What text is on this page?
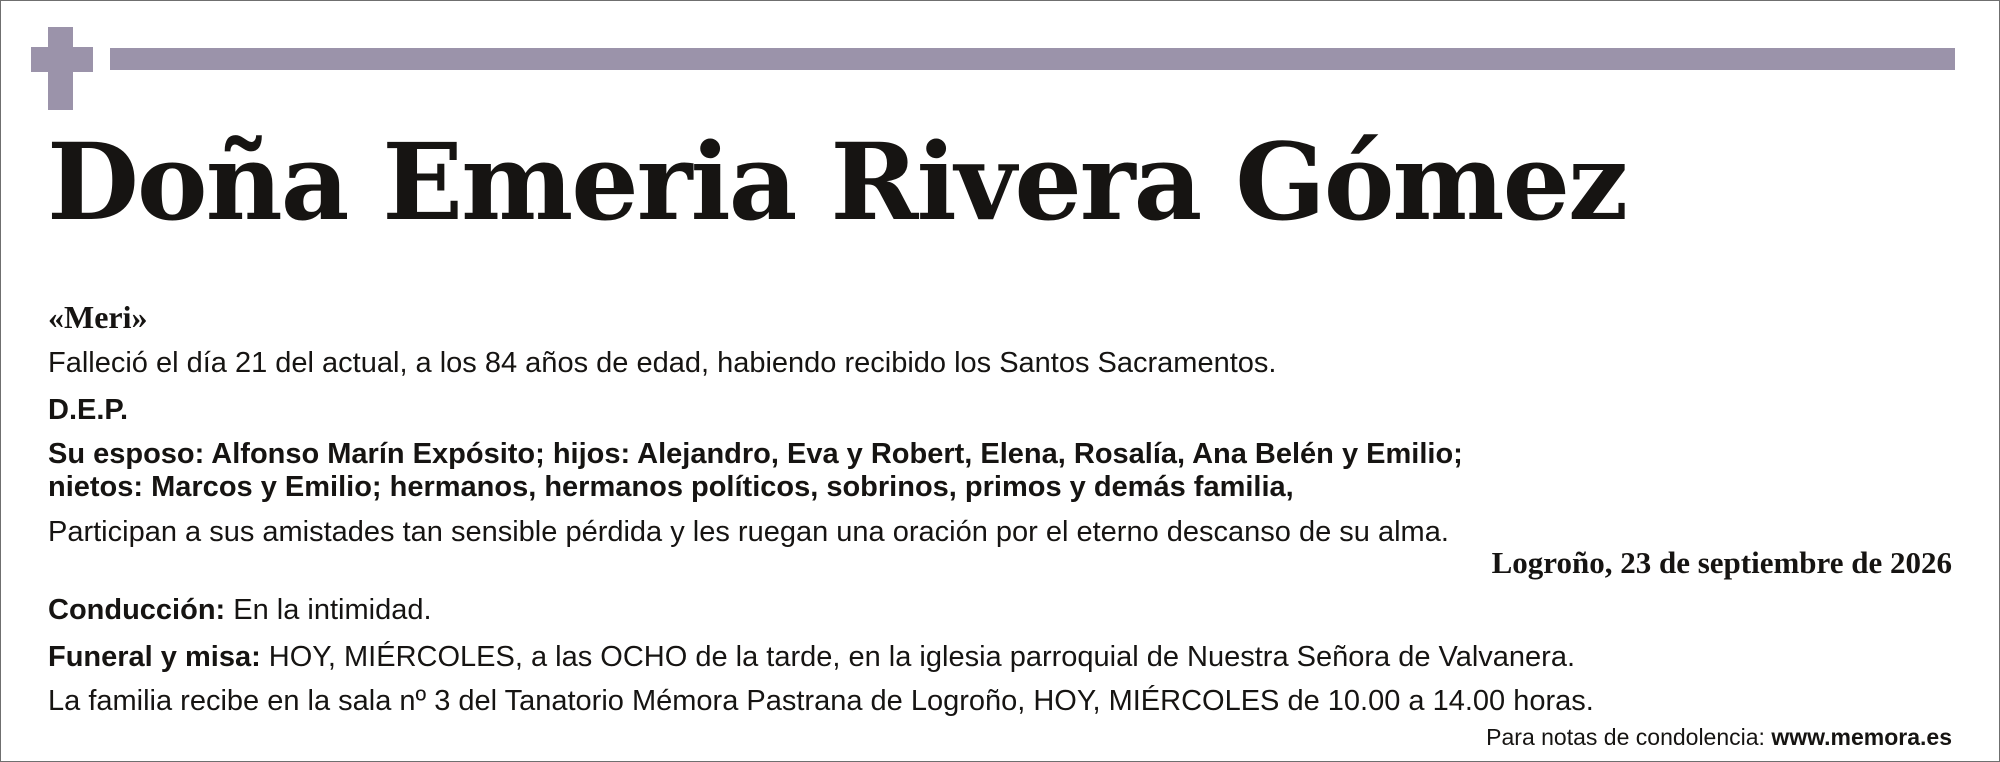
Doña Emeria Rivera Gómez
«Meri»
Falleció el día 21 del actual, a los 84 años de edad, habiendo recibido los Santos Sacramentos.
D.E.P.
Su esposo: Alfonso Marín Expósito; hijos: Alejandro, Eva y Robert, Elena, Rosalía, Ana Belén y Emilio;
nietos: Marcos y Emilio; hermanos, hermanos políticos, sobrinos, primos y demás familia,
Participan a sus amistades tan sensible pérdida y les ruegan una oración por el eterno descanso de su alma.
Logroño, 23 de septiembre de 2026
Conducción: En la intimidad.
Funeral y misa: HOY, MIÉRCOLES, a las OCHO de la tarde, en la iglesia parroquial de Nuestra Señora de Valvanera.
La familia recibe en la sala nº 3 del Tanatorio Mémora Pastrana de Logroño, HOY, MIÉRCOLES de 10.00 a 14.00 horas.
Para notas de condolencia: www.memora.es
